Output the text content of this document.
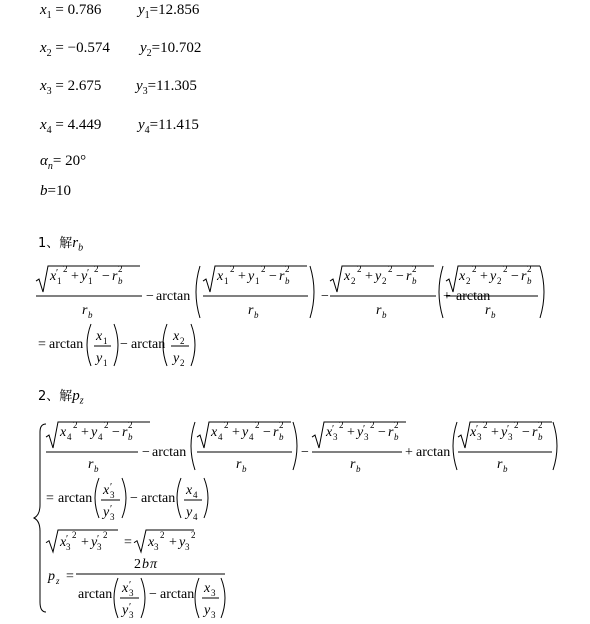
$x_1 = 0.786$ $y_1=12.856$
$x_2 = -0.574$ $y_2=10.702$
$x_3 = 2.675$ $y_3=11.305$
$x_4 = 4.449$ $y_4=11.415$
$\alpha_n= 20^\circ$
b=10
1、解$r_b$
2、解$p_z$
x ′
1
2 + y ′
1
2 − r b
2
r b
− arctan
x 1
2 + y 1
2 − r b
2
r b
−
x 2
2 + y 2
2 − r b
2
r b
+ arctan
x 2
2 + y 2
2 − r b
2
r b
= arctan
x 1
y 1
− arctan
x 2
y 2
x 4
2 + y 4
2 − r b
2
r b
− arctan
x 4
2 + y 4
2 − r b
2
r b
−
x ′
3
2 + y ′
3
2 − r b
2
r b
+ arctan
x ′
3
2 + y ′
3
2 − r b
2
r b
= arctan
x ′
3
y ′
3
− arctan
x 4
y 4
x ′
3
2 + y ′
3
2 = x 3
2 + y 3
2
p z =
2 b π
arctan x ′
3
y ′
3
− arctan x 3
y 3
